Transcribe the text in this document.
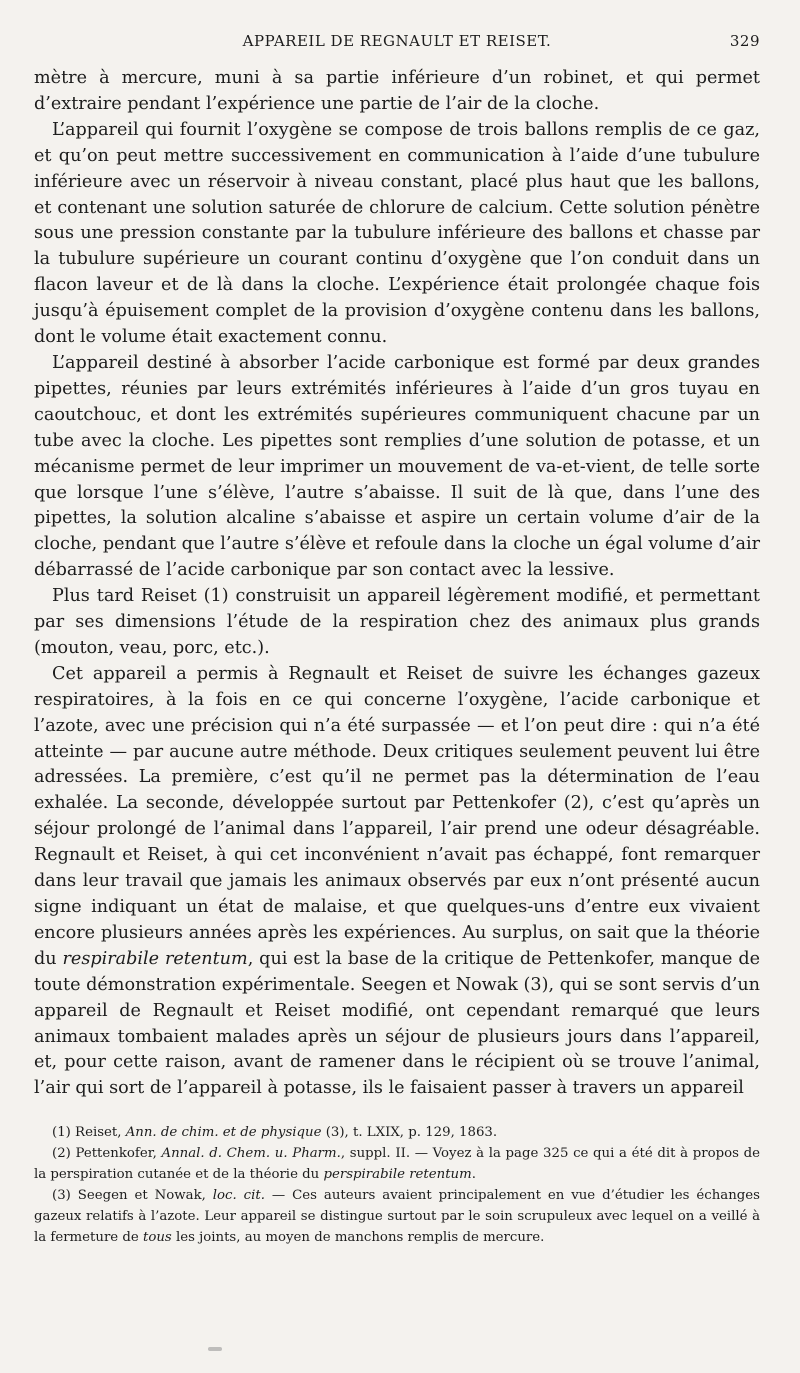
APPAREIL DE REGNAULT ET REISET.	329

mètre à mercure, muni à sa partie inférieure d’un robinet, et qui permet d’extraire pendant l’expérience une partie de l’air de la cloche.

L’appareil qui fournit l’oxygène se compose de trois ballons remplis de ce gaz, et qu’on peut mettre successivement en communication à l’aide d’une tubulure inférieure avec un réservoir à niveau constant, placé plus haut que les ballons, et contenant une solution saturée de chlorure de calcium. Cette solution pénètre sous une pression constante par la tubulure inférieure des ballons et chasse par la tubulure supérieure un courant continu d’oxygène que l’on conduit dans un flacon laveur et de là dans la cloche. L’expérience était prolongée chaque fois jusqu’à épuisement complet de la provision d’oxygène contenu dans les ballons, dont le volume était exactement connu.

L’appareil destiné à absorber l’acide carbonique est formé par deux grandes pipettes, réunies par leurs extrémités inférieures à l’aide d’un gros tuyau en caoutchouc, et dont les extrémités supérieures communiquent chacune par un tube avec la cloche. Les pipettes sont remplies d’une solution de potasse, et un mécanisme permet de leur imprimer un mouvement de va-et-vient, de telle sorte que lorsque l’une s’élève, l’autre s’abaisse. Il suit de là que, dans l’une des pipettes, la solution alcaline s’abaisse et aspire un certain volume d’air de la cloche, pendant que l’autre s’élève et refoule dans la cloche un égal volume d’air débarrassé de l’acide carbonique par son contact avec la lessive.

Plus tard Reiset (1) construisit un appareil légèrement modifié, et permettant par ses dimensions l’étude de la respiration chez des animaux plus grands (mouton, veau, porc, etc.).

Cet appareil a permis à Regnault et Reiset de suivre les échanges gazeux respiratoires, à la fois en ce qui concerne l’oxygène, l’acide carbonique et l’azote, avec une précision qui n’a été surpassée — et l’on peut dire : qui n’a été atteinte — par aucune autre méthode. Deux critiques seulement peuvent lui être adressées. La première, c’est qu’il ne permet pas la détermination de l’eau exhalée. La seconde, développée surtout par Pettenkofer (2), c’est qu’après un séjour prolongé de l’animal dans l’appareil, l’air prend une odeur désagréable. Regnault et Reiset, à qui cet inconvénient n’avait pas échappé, font remarquer dans leur travail que jamais les animaux observés par eux n’ont présenté aucun signe indiquant un état de malaise, et que quelques-uns d’entre eux vivaient encore plusieurs années après les expériences. Au surplus, on sait que la théorie du respirabile retentum, qui est la base de la critique de Pettenkofer, manque de toute démonstration expérimentale. Seegen et Nowak (3), qui se sont servis d’un appareil de Regnault et Reiset modifié, ont cependant remarqué que leurs animaux tombaient malades après un séjour de plusieurs jours dans l’appareil, et, pour cette raison, avant de ramener dans le récipient où se trouve l’animal, l’air qui sort de l’appareil à potasse, ils le faisaient passer à travers un appareil

(1) Reiset, Ann. de chim. et de physique (3), t. LXIX, p. 129, 1863.

(2) Pettenkofer, Annal. d. Chem. u. Pharm., suppl. II. — Voyez à la page 325 ce qui a été dit à propos de la perspiration cutanée et de la théorie du perspirabile retentum.

(3) Seegen et Nowak, loc. cit. — Ces auteurs avaient principalement en vue d’étudier les échanges gazeux relatifs à l’azote. Leur appareil se distingue surtout par le soin scrupuleux avec lequel on a veillé à la fermeture de tous les joints, au moyen de manchons remplis de mercure.
